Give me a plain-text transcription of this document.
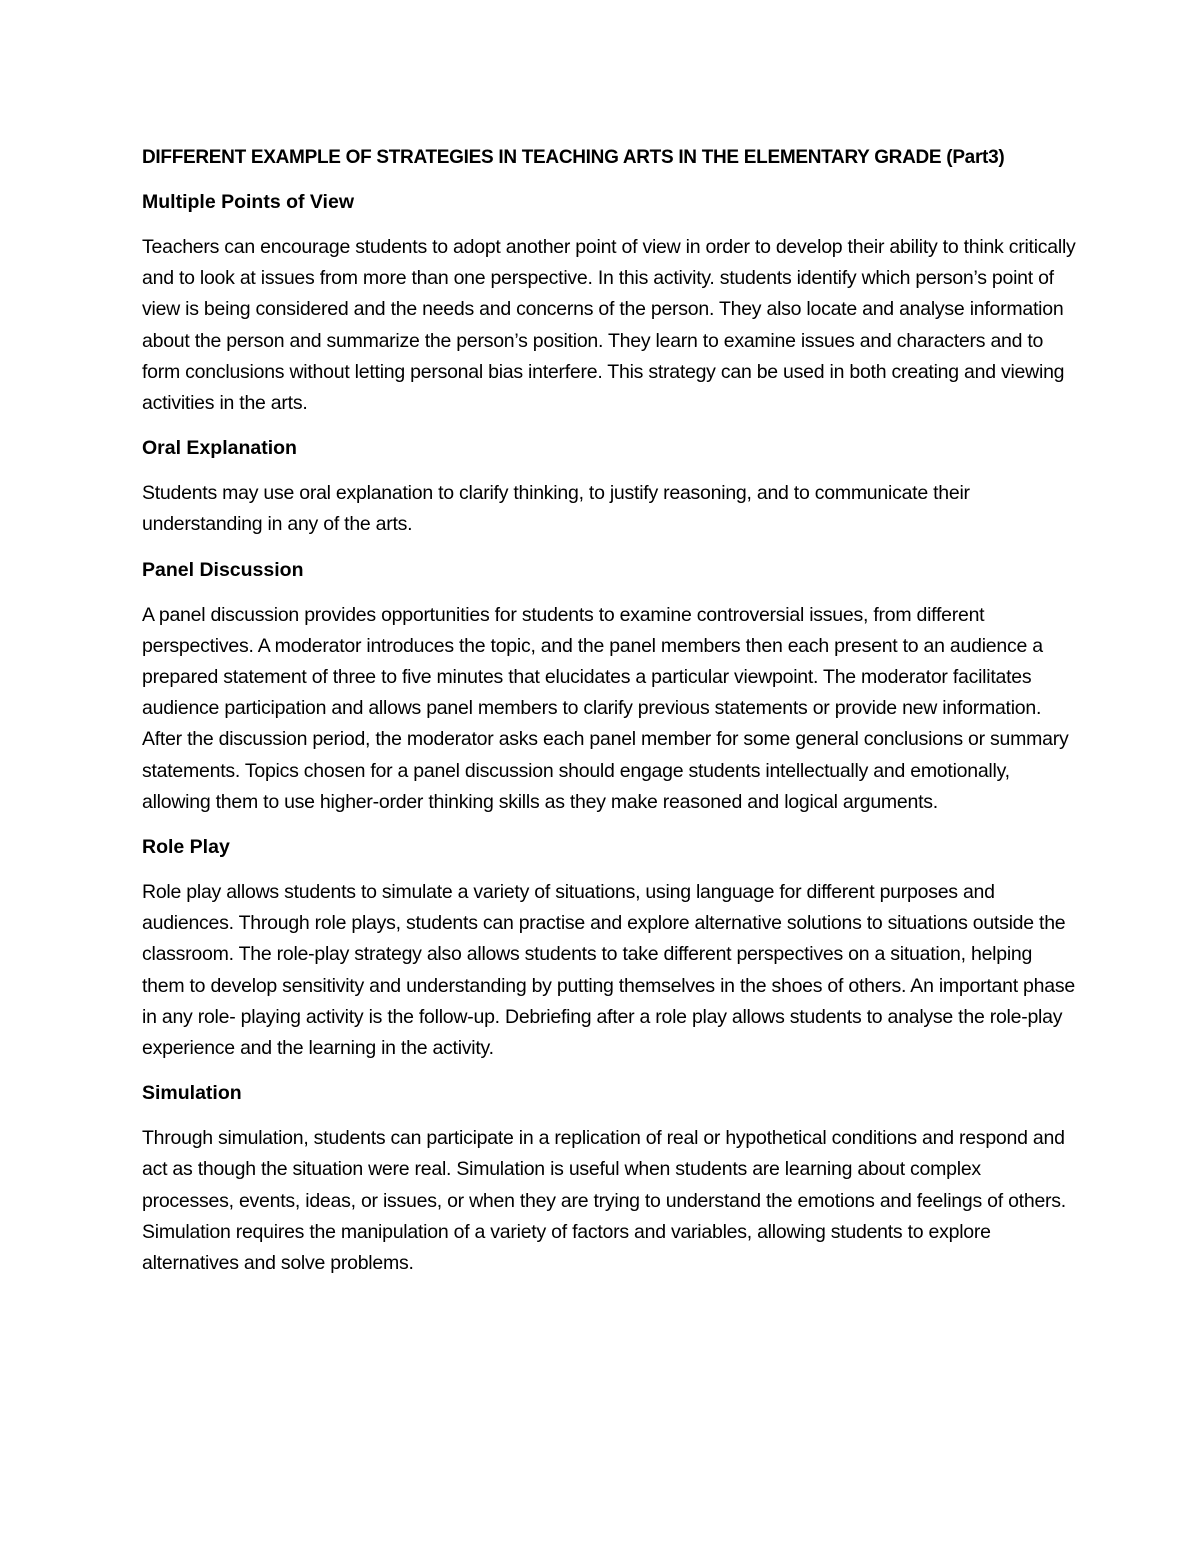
DIFFERENT EXAMPLE OF STRATEGIES IN TEACHING ARTS IN THE ELEMENTARY GRADE (Part3)
Multiple Points of View

Teachers can encourage students to adopt another point of view in order to develop their ability to think critically and to look at issues from more than one perspective. In this activity. students identify which person’s point of view is being considered and the needs and concerns of the person. They also locate and analyse information about the person and summarize the person’s position. They learn to examine issues and characters and to form conclusions without letting personal bias interfere. This strategy can be used in both creating and viewing activities in the arts.

Oral Explanation

Students may use oral explanation to clarify thinking, to justify reasoning, and to communicate their understanding in any of the arts.

Panel Discussion

A panel discussion provides opportunities for students to examine controversial issues, from different perspectives. A moderator introduces the topic, and the panel members then each present to an audience a prepared statement of three to five minutes that elucidates a particular viewpoint. The moderator facilitates audience participation and allows panel members to clarify previous statements or provide new information. After the discussion period, the moderator asks each panel member for some general conclusions or summary statements. Topics chosen for a panel discussion should engage students intellectually and emotionally, allowing them to use higher-order thinking skills as they make reasoned and logical arguments.

Role Play

Role play allows students to simulate a variety of situations, using language for different purposes and audiences. Through role plays, students can practise and explore alternative solutions to situations outside the classroom. The role-play strategy also allows students to take different perspectives on a situation, helping them to develop sensitivity and understanding by putting themselves in the shoes of others. An important phase in any role- playing activity is the follow-up. Debriefing after a role play allows students to analyse the role-play experience and the learning in the activity.

Simulation

Through simulation, students can participate in a replication of real or hypothetical conditions and respond and act as though the situation were real. Simulation is useful when students are learning about complex processes, events, ideas, or issues, or when they are trying to understand the emotions and feelings of others. Simulation requires the manipulation of a variety of factors and variables, allowing students to explore alternatives and solve problems.
